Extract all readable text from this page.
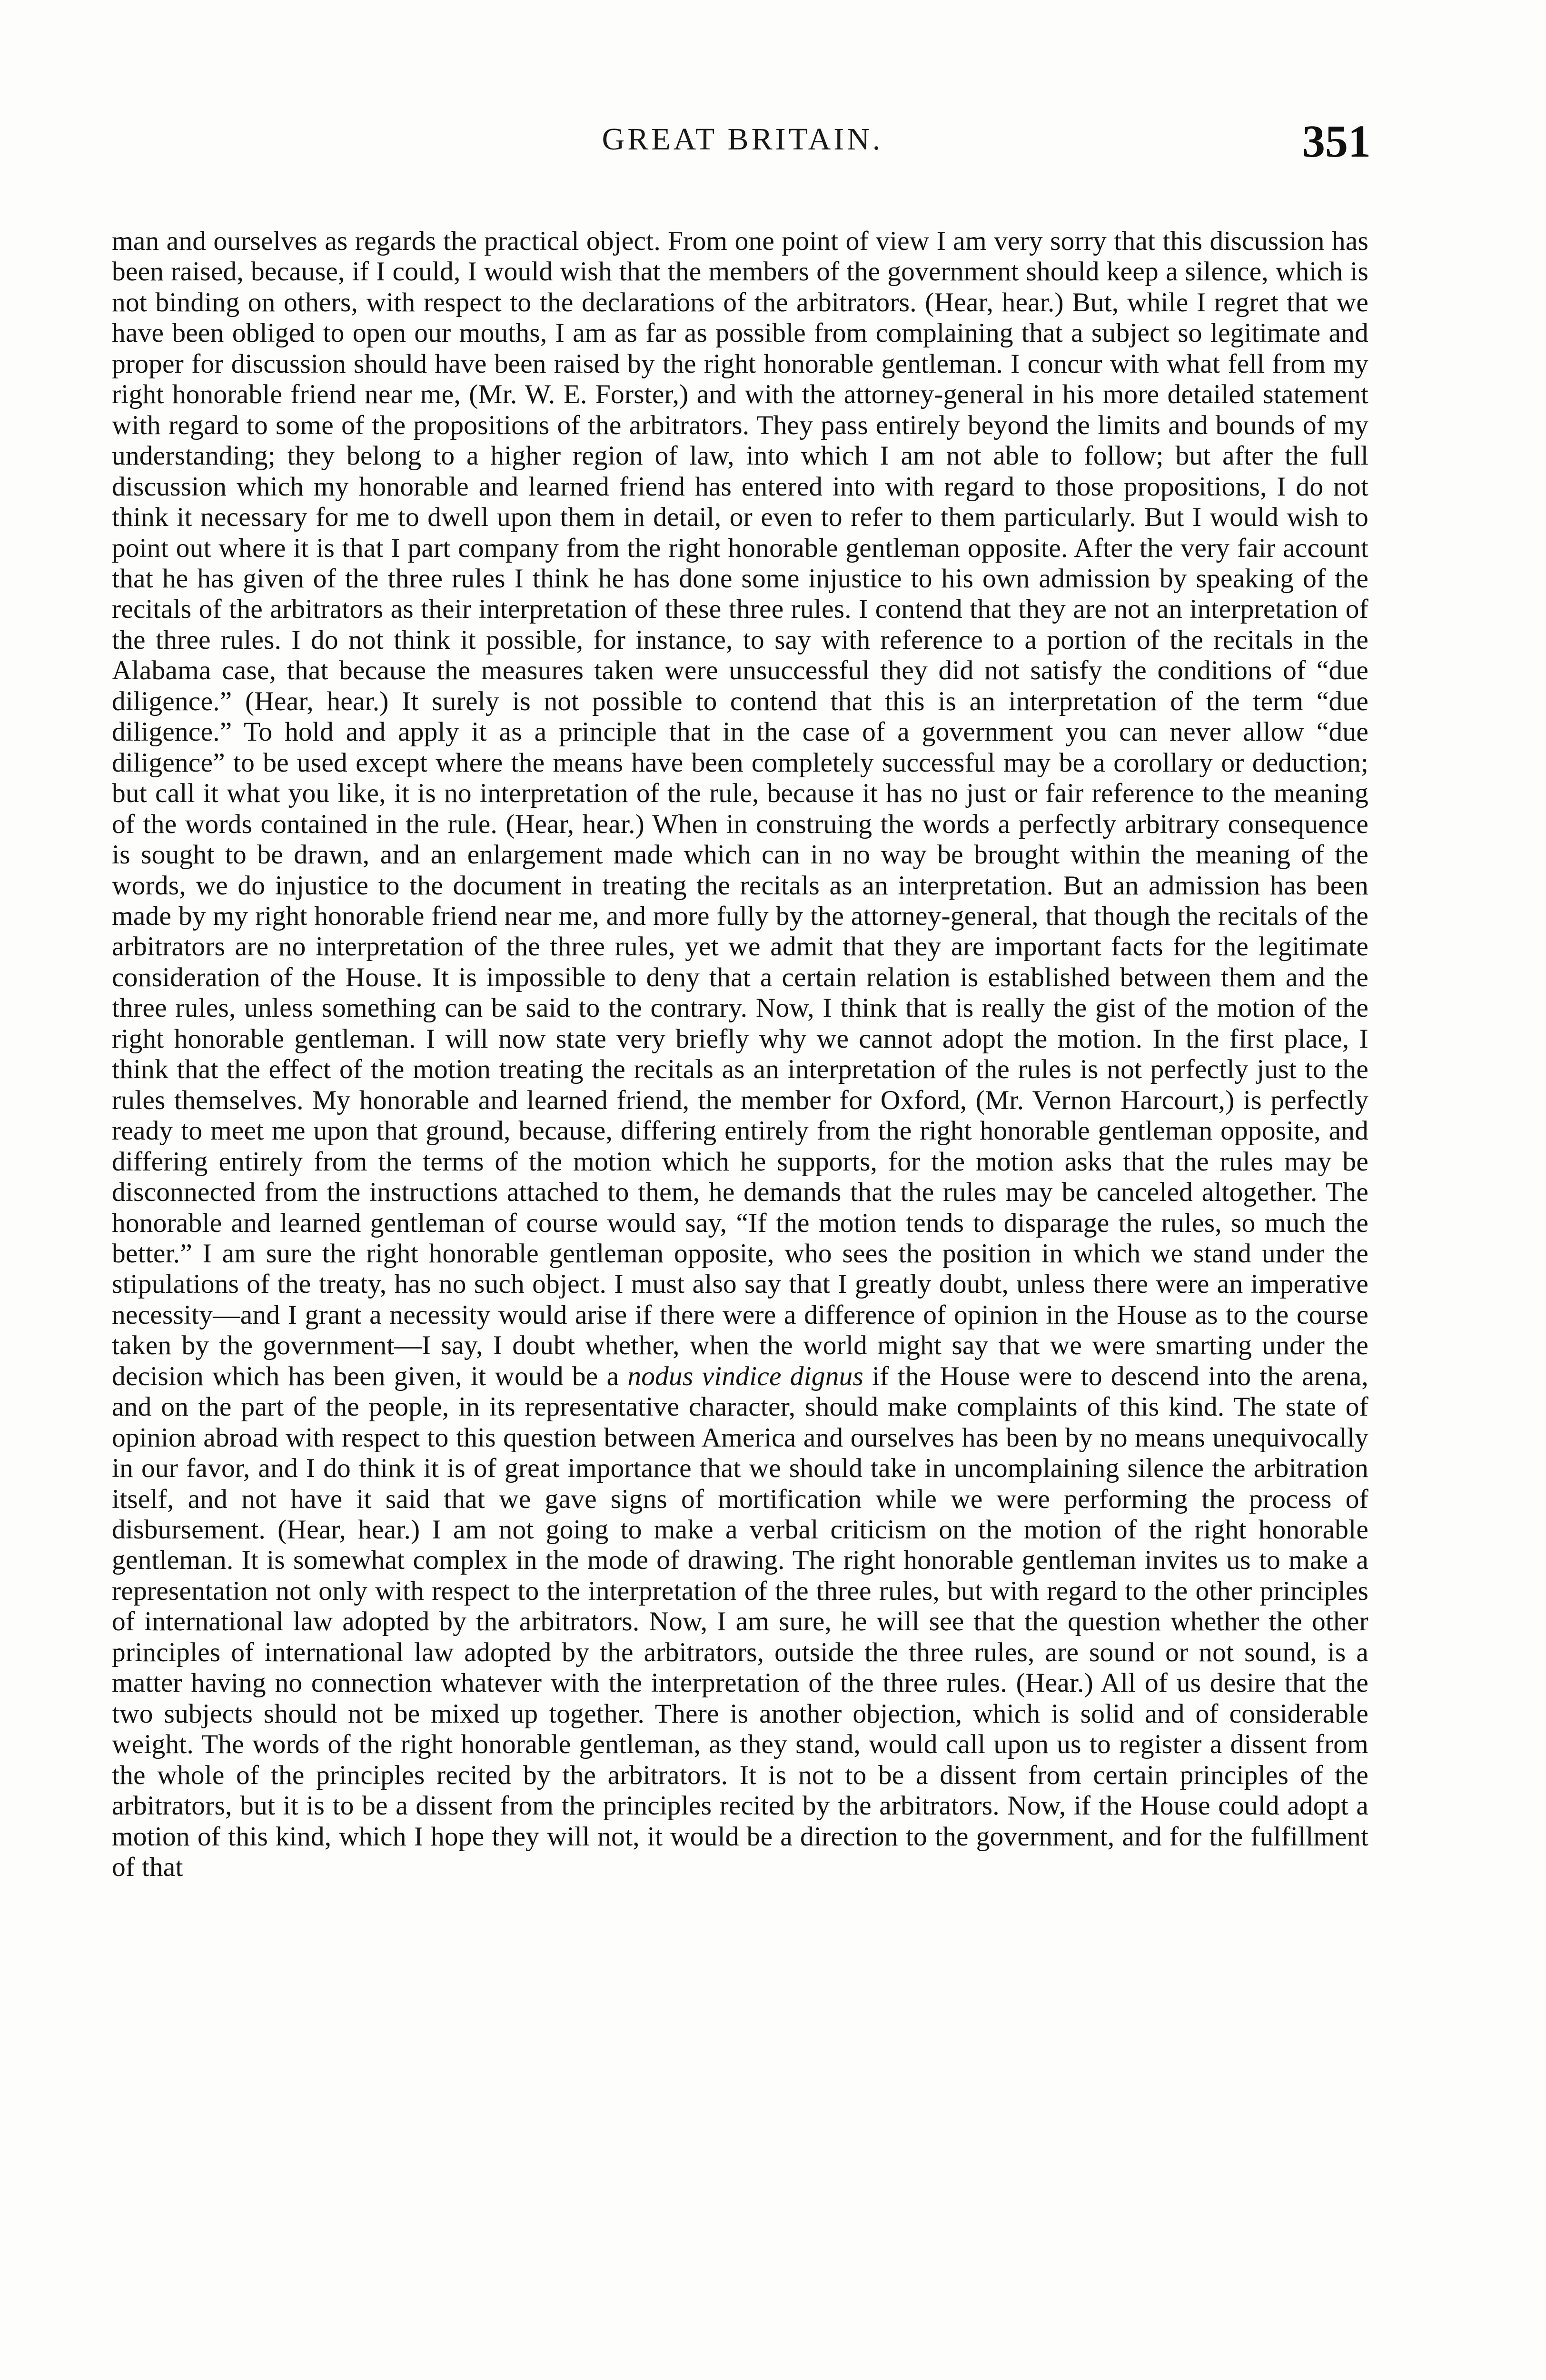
GREAT BRITAIN.	351

man and ourselves as regards the practical object. From one point of view I am very sorry that this discussion has been raised, because, if I could, I would wish that the members of the government should keep a silence, which is not binding on others, with respect to the declarations of the arbitrators. (Hear, hear.) But, while I regret that we have been obliged to open our mouths, I am as far as possible from complaining that a subject so legitimate and proper for discussion should have been raised by the right honorable gentleman. I concur with what fell from my right honorable friend near me, (Mr. W. E. Forster,) and with the attorney-general in his more detailed statement with regard to some of the propositions of the arbitrators. They pass entirely beyond the limits and bounds of my understanding; they belong to a higher region of law, into which I am not able to follow; but after the full discussion which my honorable and learned friend has entered into with regard to those propositions, I do not think it necessary for me to dwell upon them in detail, or even to refer to them particularly. But I would wish to point out where it is that I part company from the right honorable gentleman opposite. After the very fair account that he has given of the three rules I think he has done some injustice to his own admission by speaking of the recitals of the arbitrators as their interpretation of these three rules. I contend that they are not an interpretation of the three rules. I do not think it possible, for instance, to say with reference to a portion of the recitals in the Alabama case, that because the measures taken were unsuccessful they did not satisfy the conditions of “due diligence.” (Hear, hear.) It surely is not possible to contend that this is an interpretation of the term “due diligence.” To hold and apply it as a principle that in the case of a government you can never allow “due diligence” to be used except where the means have been completely successful may be a corollary or deduction; but call it what you like, it is no interpretation of the rule, because it has no just or fair reference to the meaning of the words contained in the rule. (Hear, hear.) When in construing the words a perfectly arbitrary consequence is sought to be drawn, and an enlargement made which can in no way be brought within the meaning of the words, we do injustice to the document in treating the recitals as an interpretation. But an admission has been made by my right honorable friend near me, and more fully by the attorney-general, that though the recitals of the arbitrators are no interpretation of the three rules, yet we admit that they are important facts for the legitimate consideration of the House. It is impossible to deny that a certain relation is established between them and the three rules, unless something can be said to the contrary. Now, I think that is really the gist of the motion of the right honorable gentleman. I will now state very briefly why we cannot adopt the motion. In the first place, I think that the effect of the motion treating the recitals as an interpretation of the rules is not perfectly just to the rules themselves. My honorable and learned friend, the member for Oxford, (Mr. Vernon Harcourt,) is perfectly ready to meet me upon that ground, because, differing entirely from the right honorable gentleman opposite, and differing entirely from the terms of the motion which he supports, for the motion asks that the rules may be disconnected from the instructions attached to them, he demands that the rules may be canceled altogether. The honorable and learned gentleman of course would say, “If the motion tends to disparage the rules, so much the better.” I am sure the right honorable gentleman opposite, who sees the position in which we stand under the stipulations of the treaty, has no such object. I must also say that I greatly doubt, unless there were an imperative necessity—and I grant a necessity would arise if there were a difference of opinion in the House as to the course taken by the government—I say, I doubt whether, when the world might say that we were smarting under the decision which has been given, it would be a nodus vindice dignus if the House were to descend into the arena, and on the part of the people, in its representative character, should make complaints of this kind. The state of opinion abroad with respect to this question between America and ourselves has been by no means unequivocally in our favor, and I do think it is of great importance that we should take in uncomplaining silence the arbitration itself, and not have it said that we gave signs of mortification while we were performing the process of disbursement. (Hear, hear.) I am not going to make a verbal criticism on the motion of the right honorable gentleman. It is somewhat complex in the mode of drawing. The right honorable gentleman invites us to make a representation not only with respect to the interpretation of the three rules, but with regard to the other principles of international law adopted by the arbitrators. Now, I am sure, he will see that the question whether the other principles of international law adopted by the arbitrators, outside the three rules, are sound or not sound, is a matter having no connection whatever with the interpretation of the three rules. (Hear.) All of us desire that the two subjects should not be mixed up together. There is another objection, which is solid and of considerable weight. The words of the right honorable gentleman, as they stand, would call upon us to register a dissent from the whole of the principles recited by the arbitrators. It is not to be a dissent from certain principles of the arbitrators, but it is to be a dissent from the principles recited by the arbitrators. Now, if the House could adopt a motion of this kind, which I hope they will not, it would be a direction to the government, and for the fulfillment of that
